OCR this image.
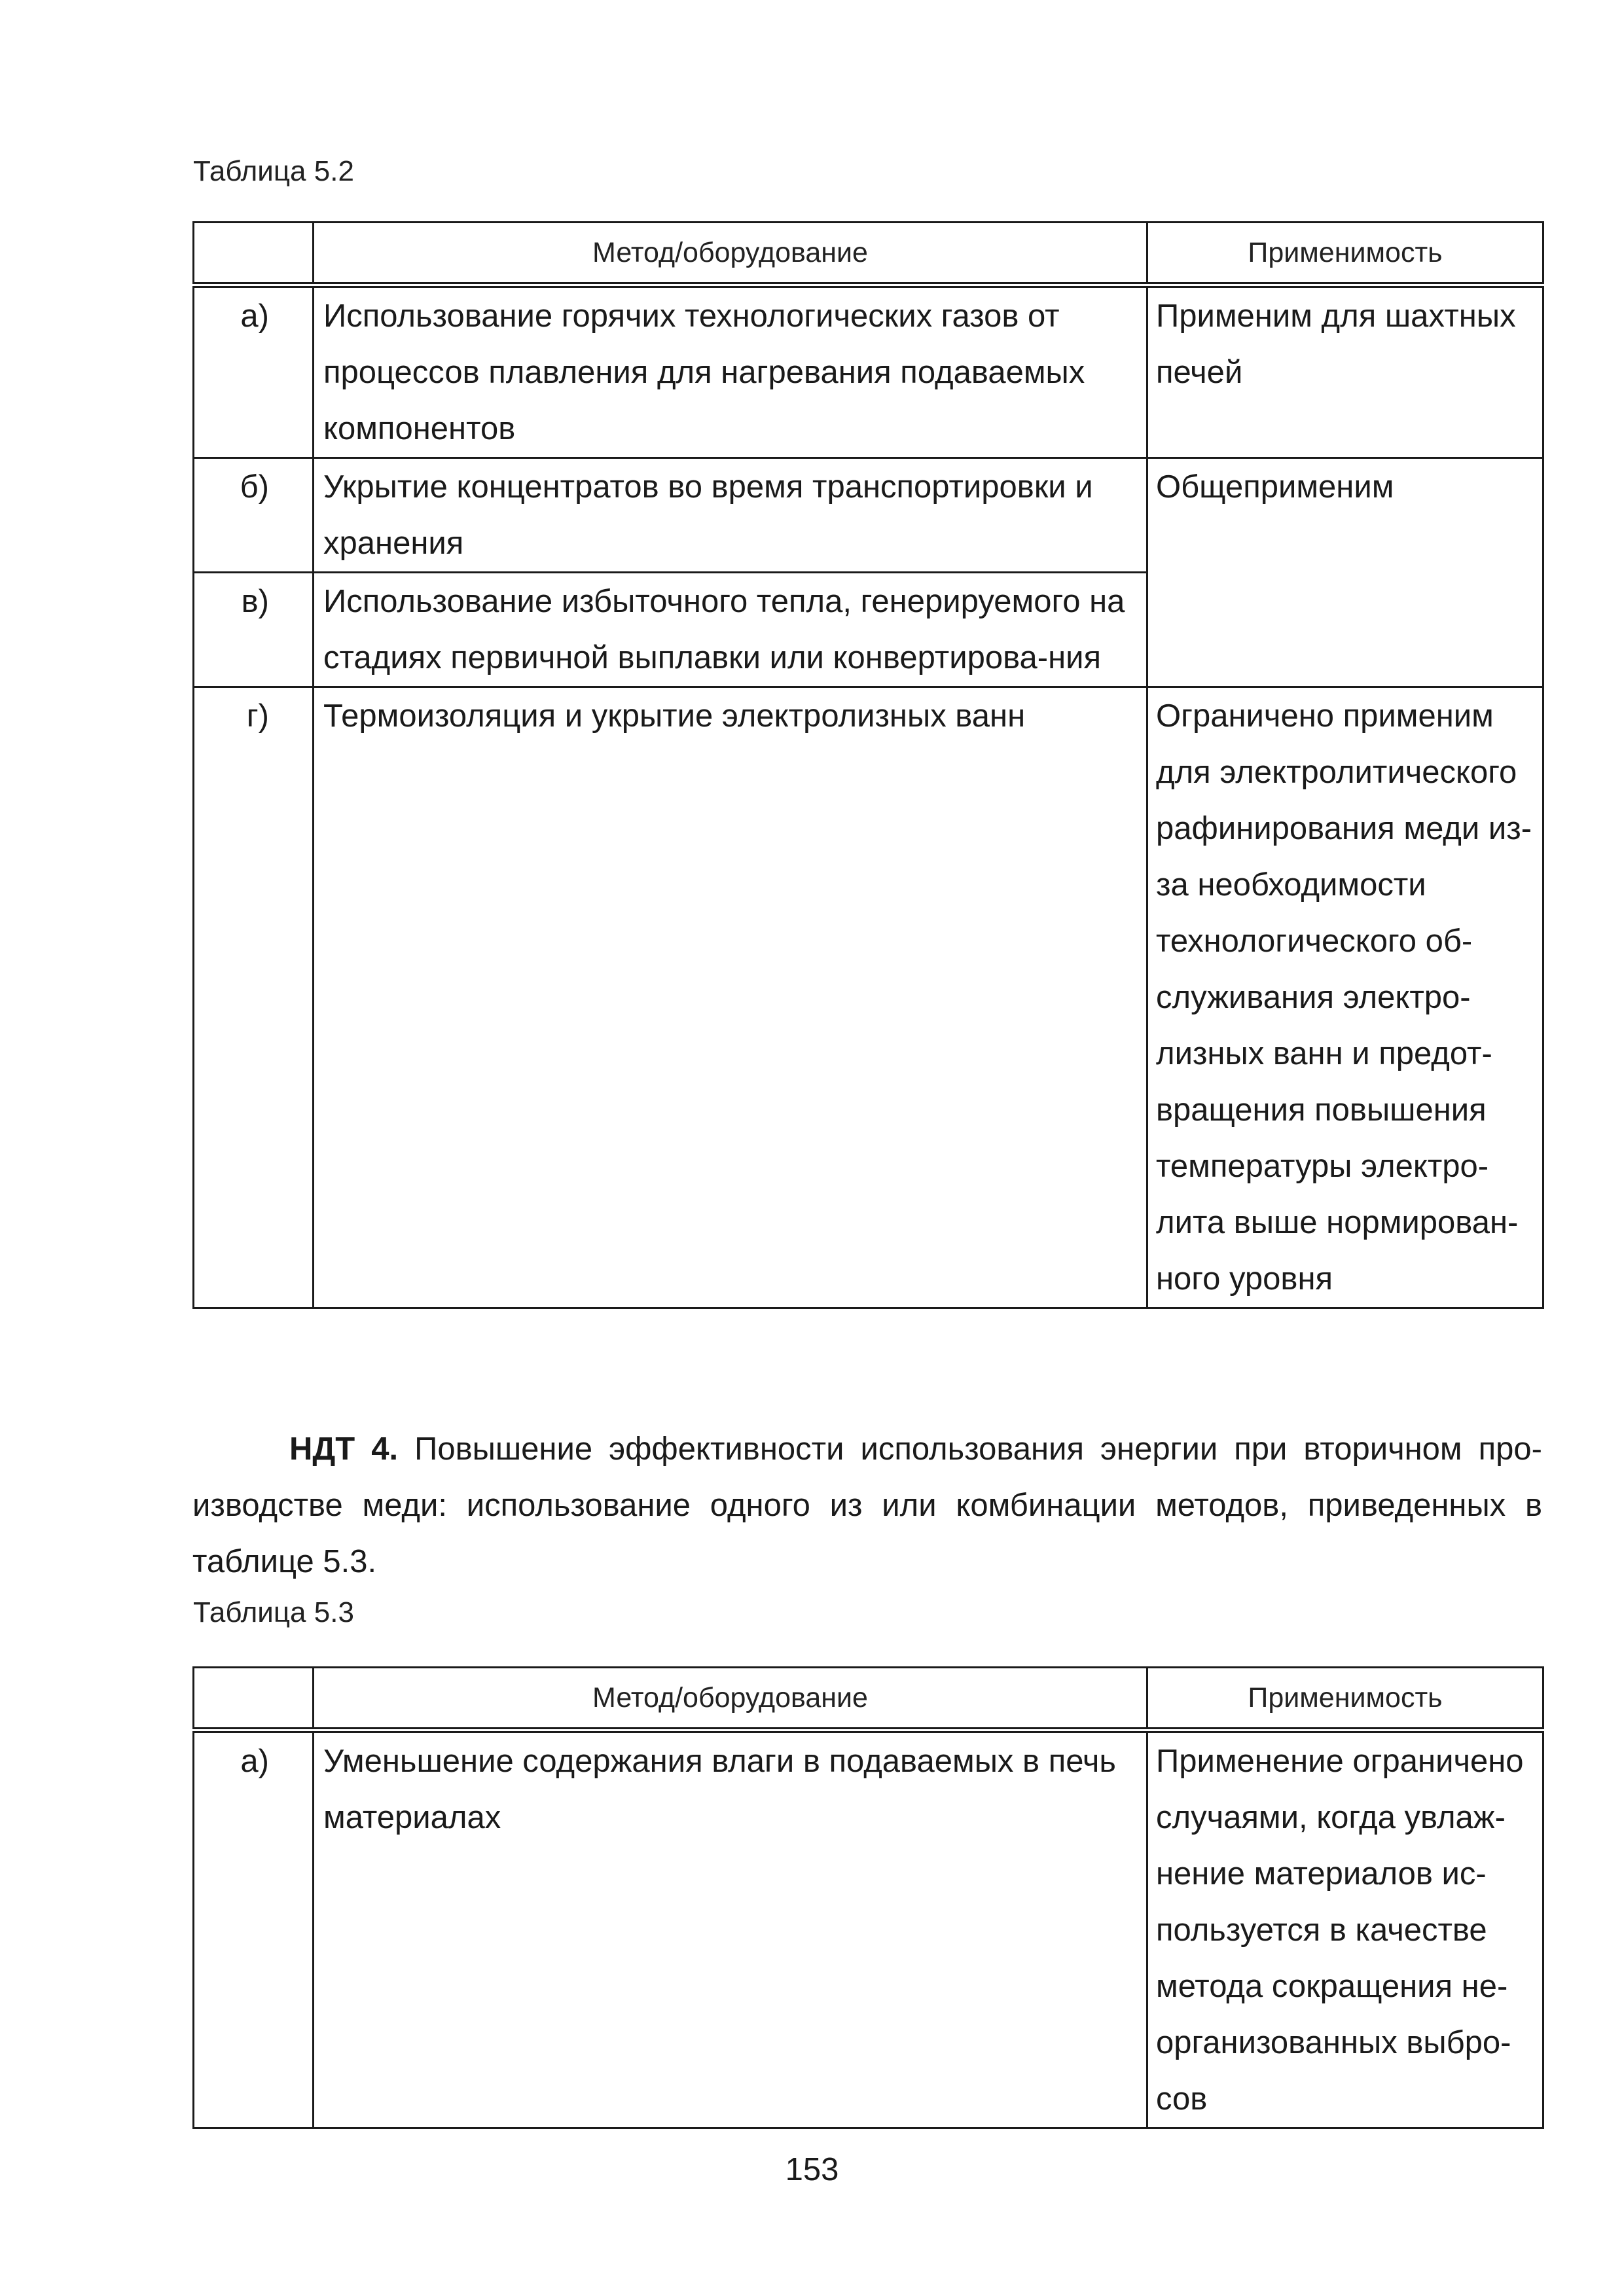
Таблица 5.2
	Метод/оборудование	Применимость
а)	Использование горячих технологических газов от процессов плавления для нагревания подаваемых компонентов	Применим для шахтных печей
б)	Укрытие концентратов во время транспортировки и хранения	Общеприменим
в)	Использование избыточного тепла, генерируемого на стадиях первичной выплавки или конвертирова-ния	
г)	Термоизоляция и укрытие электролизных ванн	Ограничено применим для электролитического рафинирования меди из-за необходимости технологического об-служивания электро-лизных ванн и предот-вращения повышения температуры электро-лита выше нормирован-ного уровня

НДТ 4. Повышение эффективности использования энергии при вторичном про-изводстве меди: использование одного из или комбинации методов, приведенных в таблице 5.3.

Таблица 5.3
	Метод/оборудование	Применимость
а)	Уменьшение содержания влаги в подаваемых в печь материалах	Применение ограничено случаями, когда увлаж-нение материалов ис-пользуется в качестве метода сокращения не-организованных выбро-сов
153
